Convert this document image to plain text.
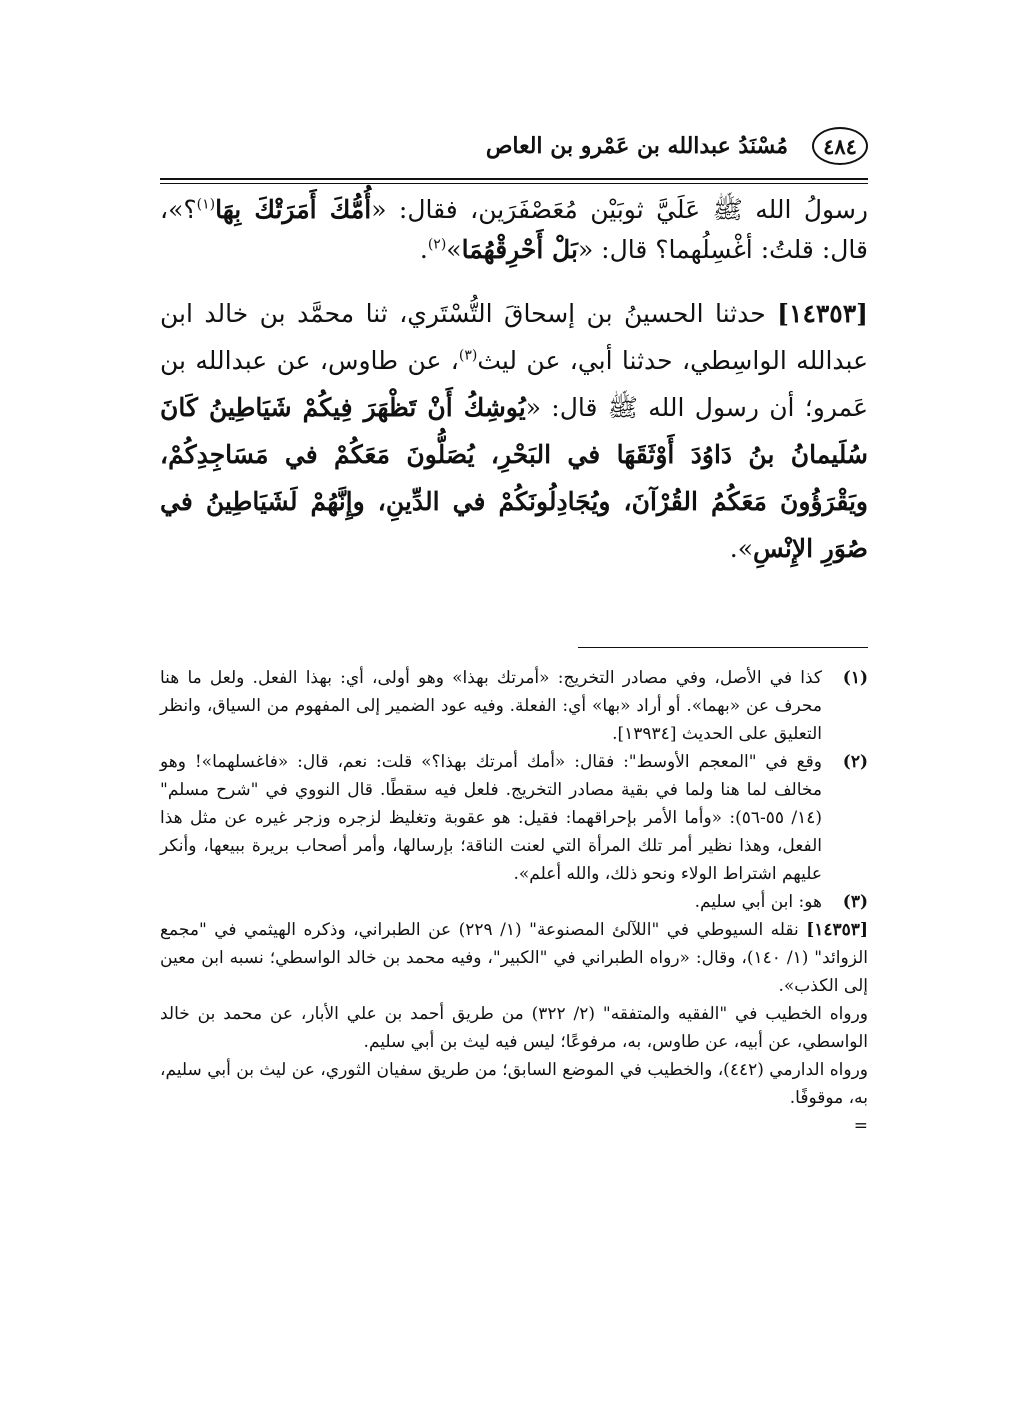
٤٨٤
مُسْنَدُ عبدالله بن عَمْرو بن العاص

رسولُ الله ﷺ عَلَيَّ ثوبَيْن مُعَصْفَرَين، فقال: «أُمُّكَ أَمَرَتْكَ بِهَا$^{(١)}$؟»، قال: قلتُ: أغْسِلُهما؟ قال: «بَلْ أَحْرِقْهُمَا»$^{(٢)}$.

[١٤٣٥٣] حدثنا الحسينُ بن إسحاقَ التُّسْتَري، ثنا محمَّد بن خالد ابن عبدالله الواسِطي، حدثنا أبي، عن ليث$^{(٣)}$، عن طاوس، عن عبدالله بن عَمرو؛ أن رسول الله ﷺ قال: «يُوشِكُ أَنْ تَظْهَرَ فِيكُمْ شَيَاطِينُ كَانَ سُلَيمانُ بنُ دَاوُدَ أَوْثَقَهَا في البَحْرِ، يُصَلُّونَ مَعَكُمْ في مَسَاجِدِكُمْ، ويَقْرَؤُونَ مَعَكُمُ القُرْآنَ، ويُجَادِلُونَكُمْ في الدِّينِ، وإِنَّهُمْ لَشَيَاطِينُ في صُوَرِ الإِنْسِ».

(١)
كذا في الأصل، وفي مصادر التخريج: «أمرتك بهذا» وهو أولى، أي: بهذا الفعل. ولعل ما هنا محرف عن «بهما». أو أراد «بها» أي: الفعلة. وفيه عود الضمير إلى المفهوم من السياق، وانظر التعليق على الحديث [١٣٩٣٤].
(٢)
وقع في "المعجم الأوسط": فقال: «أمك أمرتك بهذا؟» قلت: نعم، قال: «فاغسلهما»! وهو مخالف لما هنا ولما في بقية مصادر التخريج. فلعل فيه سقطًا. قال النووي في "شرح مسلم" (١٤/ ٥٥-٥٦): «وأما الأمر بإحراقهما: فقيل: هو عقوبة وتغليظ لزجره وزجر غيره عن مثل هذا الفعل، وهذا نظير أمر تلك المرأة التي لعنت الناقة؛ بإرسالها، وأمر أصحاب بريرة ببيعها، وأنكر عليهم اشتراط الولاء ونحو ذلك، والله أعلم».
(٣)
هو: ابن أبي سليم.
[١٤٣٥٣] نقله السيوطي في "اللآلئ المصنوعة" (١/ ٢٢٩) عن الطبراني، وذكره الهيثمي في "مجمع الزوائد" (١/ ١٤٠)، وقال: «رواه الطبراني في "الكبير"، وفيه محمد بن خالد الواسطي؛ نسبه ابن معين إلى الكذب».
ورواه الخطيب في "الفقيه والمتفقه" (٢/ ٣٢٢) من طريق أحمد بن علي الأبار، عن محمد بن خالد الواسطي، عن أبيه، عن طاوس، به، مرفوعًا؛ ليس فيه ليث بن أبي سليم.
ورواه الدارمي (٤٤٢)، والخطيب في الموضع السابق؛ من طريق سفيان الثوري، عن ليث بن أبي سليم، به، موقوفًا.
=
